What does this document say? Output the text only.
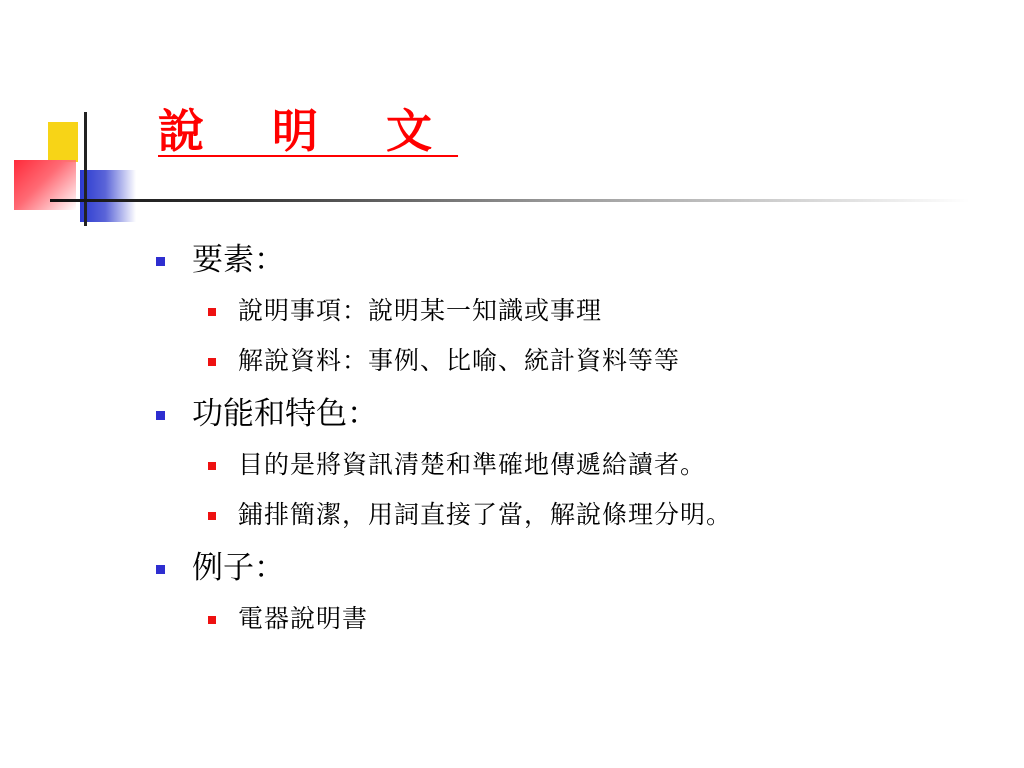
說 明 文
要素：
說明事項：說明某一知識或事理
解說資料：事例、比喻、統計資料等等
功能和特色：
目的是將資訊清楚和準確地傳遞給讀者。
鋪排簡潔，用詞直接了當，解說條理分明。
例子：
電器說明書
